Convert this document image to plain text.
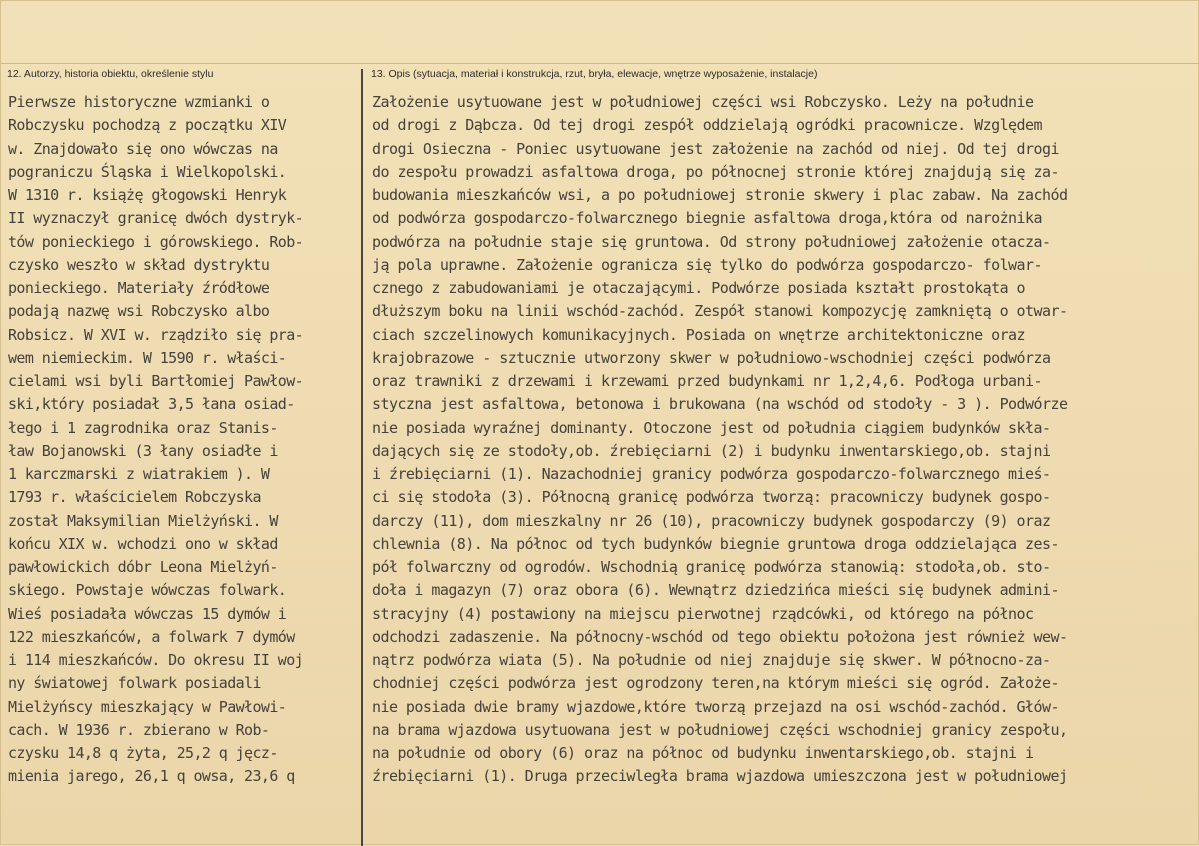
12. Autorzy, historia obiektu, określenie stylu	13. Opis (sytuacja, materiał i konstrukcja, rzut, bryła, elewacje, wnętrze wyposażenie, instalacje)
Pierwsze historyczne wzmianki o
Robczysku pochodzą z początku XIV
w. Znajdowało się ono wówczas na
pograniczu Śląska i Wielkopolski.
W 1310 r. książę głogowski Henryk
II wyznaczył granicę dwóch dystryk-
tów ponieckiego i górowskiego. Rob-
czysko weszło w skład dystryktu
ponieckiego. Materiały źródłowe
podają nazwę wsi Robczysko albo
Robsicz. W XVI w. rządziło się pra-
wem niemieckim. W 1590 r. właści-
cielami wsi byli Bartłomiej Pawłow-
ski,który posiadał 3,5 łana osiad-
łego i 1 zagrodnika oraz Stanis-
ław Bojanowski (3 łany osiadłe i
1 karczmarski z wiatrakiem ). W
1793 r. właścicielem Robczyska
został Maksymilian Mielżyński. W
końcu XIX w. wchodzi ono w skład
pawłowickich dóbr Leona Mielżyń-
skiego. Powstaje wówczas folwark.
Wieś posiadała wówczas 15 dymów i
122 mieszkańców, a folwark 7 dymów
i 114 mieszkańców. Do okresu II woj
ny światowej folwark posiadali
Mielżyńscy mieszkający w Pawłowi-
cach. W 1936 r. zbierano w Rob-
czysku 14,8 q żyta, 25,2 q jęcz-
mienia jarego, 26,1 q owsa, 23,6 q
Założenie usytuowane jest w południowej części wsi Robczysko. Leży na południe
od drogi z Dąbcza. Od tej drogi zespół oddzielają ogródki pracownicze. Względem
drogi Osieczna - Poniec usytuowane jest założenie na zachód od niej. Od tej drogi
do zespołu prowadzi asfaltowa droga, po północnej stronie której znajdują się za-
budowania mieszkańców wsi, a po południowej stronie skwery i plac zabaw. Na zachód
od podwórza gospodarczo-folwarcznego biegnie asfaltowa droga,która od narożnika
podwórza na południe staje się gruntowa. Od strony południowej założenie otacza-
ją pola uprawne. Założenie ogranicza się tylko do podwórza gospodarczo- folwar-
cznego z zabudowaniami je otaczającymi. Podwórze posiada kształt prostokąta o
dłuższym boku na linii wschód-zachód. Zespół stanowi kompozycję zamkniętą o otwar-
ciach szczelinowych komunikacyjnych. Posiada on wnętrze architektoniczne oraz
krajobrazowe - sztucznie utworzony skwer w południowo-wschodniej części podwórza
oraz trawniki z drzewami i krzewami przed budynkami nr 1,2,4,6. Podłoga urbani-
styczna jest asfaltowa, betonowa i brukowana (na wschód od stodoły - 3 ). Podwórze
nie posiada wyraźnej dominanty. Otoczone jest od południa ciągiem budynków skła-
dających się ze stodoły,ob. źrebięciarni (2) i budynku inwentarskiego,ob. stajni
i źrebięciarni (1). Nazachodniej granicy podwórza gospodarczo-folwarcznego mieś-
ci się stodoła (3). Północną granicę podwórza tworzą: pracowniczy budynek gospo-
darczy (11), dom mieszkalny nr 26 (10), pracowniczy budynek gospodarczy (9) oraz
chlewnia (8). Na północ od tych budynków biegnie gruntowa droga oddzielająca zes-
pół folwarczny od ogrodów. Wschodnią granicę podwórza stanowią: stodoła,ob. sto-
doła i magazyn (7) oraz obora (6). Wewnątrz dziedzińca mieści się budynek admini-
stracyjny (4) postawiony na miejscu pierwotnej rządcówki, od którego na północ
odchodzi zadaszenie. Na północny-wschód od tego obiektu położona jest również wew-
nątrz podwórza wiata (5). Na południe od niej znajduje się skwer. W północno-za-
chodniej części podwórza jest ogrodzony teren,na którym mieści się ogród. Założe-
nie posiada dwie bramy wjazdowe,które tworzą przejazd na osi wschód-zachód. Głów-
na brama wjazdowa usytuowana jest w południowej części wschodniej granicy zespołu,
na południe od obory (6) oraz na północ od budynku inwentarskiego,ob. stajni i
źrebięciarni (1). Druga przeciwległa brama wjazdowa umieszczona jest w południowej
